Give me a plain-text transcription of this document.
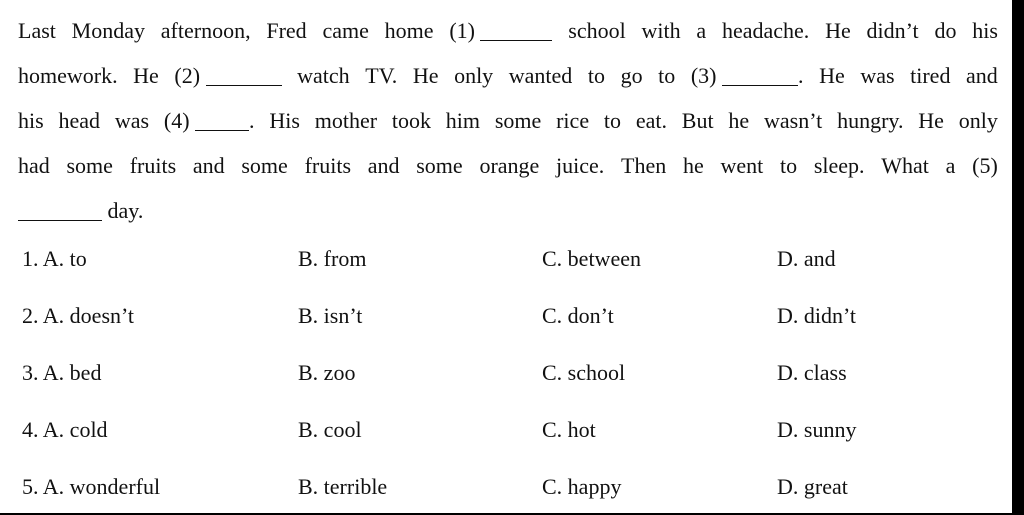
Last Monday afternoon, Fred came home (1)	school with a headache. He didn’t do his
homework. He (2)	watch TV. He only wanted to go to (3)	. He was tired and
his head was (4)	. His mother took him some rice to eat. But he wasn’t hungry. He only
had some fruits and some fruits and some orange juice. Then he went to sleep. What a (5)
day.
1. A. to	B. from	C. between	D. and
2. A. doesn’t	B. isn’t	C. don’t	D. didn’t
3. A. bed	B. zoo	C. school	D. class
4. A. cold	B. cool	C. hot	D. sunny
5. A. wonderful	B. terrible	C. happy	D. great
